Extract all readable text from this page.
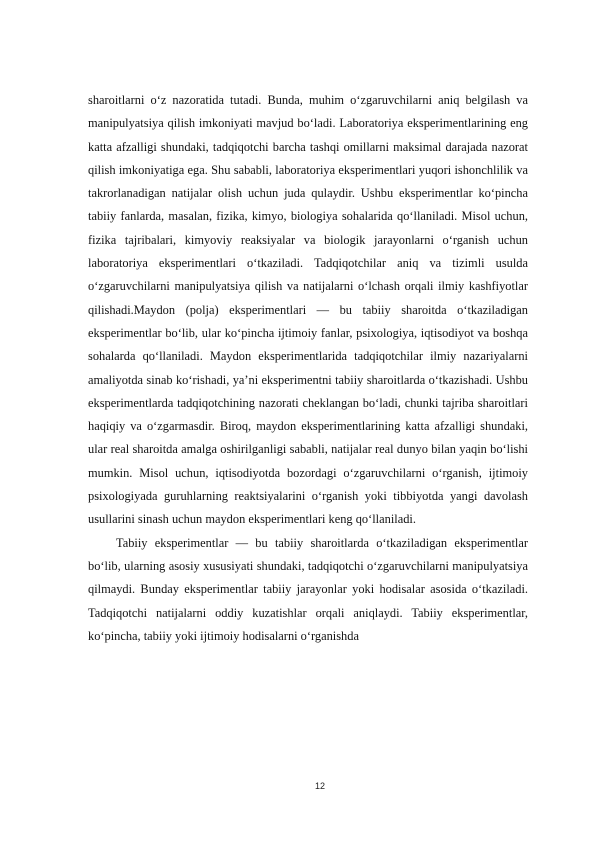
sharoitlarni o‘z nazoratida tutadi. Bunda, muhim o‘zgaruvchilarni aniq belgilash va manipulyatsiya qilish imkoniyati mavjud bo‘ladi. Laboratoriya eksperimentlarining eng katta afzalligi shundaki, tadqiqotchi barcha tashqi omillarni maksimal darajada nazorat qilish imkoniyatiga ega. Shu sababli, laboratoriya eksperimentlari yuqori ishonchlilik va takrorlanadigan natijalar olish uchun juda qulaydir. Ushbu eksperimentlar ko‘pincha tabiiy fanlarda, masalan, fizika, kimyo, biologiya sohalarida qo‘llaniladi. Misol uchun, fizika tajribalari, kimyoviy reaksiyalar va biologik jarayonlarni o‘rganish uchun laboratoriya eksperimentlari o‘tkaziladi. Tadqiqotchilar aniq va tizimli usulda o‘zgaruvchilarni manipulyatsiya qilish va natijalarni o‘lchash orqali ilmiy kashfiyotlar qilishadi.Maydon (polja) eksperimentlari — bu tabiiy sharoitda o‘tkaziladigan eksperimentlar bo‘lib, ular ko‘pincha ijtimoiy fanlar, psixologiya, iqtisodiyot va boshqa sohalarda qo‘llaniladi. Maydon eksperimentlarida tadqiqotchilar ilmiy nazariyalarni amaliyotda sinab ko‘rishadi, ya’ni eksperimentni tabiiy sharoitlarda o‘tkazishadi. Ushbu eksperimentlarda tadqiqotchining nazorati cheklangan bo‘ladi, chunki tajriba sharoitlari haqiqiy va o‘zgarmasdir. Biroq, maydon eksperimentlarining katta afzalligi shundaki, ular real sharoitda amalga oshirilganligi sababli, natijalar real dunyo bilan yaqin bo‘lishi mumkin. Misol uchun, iqtisodiyotda bozordagi o‘zgaruvchilarni o‘rganish, ijtimoiy psixologiyada guruhlarning reaktsiyalarini o‘rganish yoki tibbiyotda yangi davolash usullarini sinash uchun maydon eksperimentlari keng qo‘llaniladi.

Tabiiy eksperimentlar — bu tabiiy sharoitlarda o‘tkaziladigan eksperimentlar bo‘lib, ularning asosiy xususiyati shundaki, tadqiqotchi o‘zgaruvchilarni manipulyatsiya qilmaydi. Bunday eksperimentlar tabiiy jarayonlar yoki hodisalar asosida o‘tkaziladi. Tadqiqotchi natijalarni oddiy kuzatishlar orqali aniqlaydi. Tabiiy eksperimentlar, ko‘pincha, tabiiy yoki ijtimoiy hodisalarni o‘rganishda

12
